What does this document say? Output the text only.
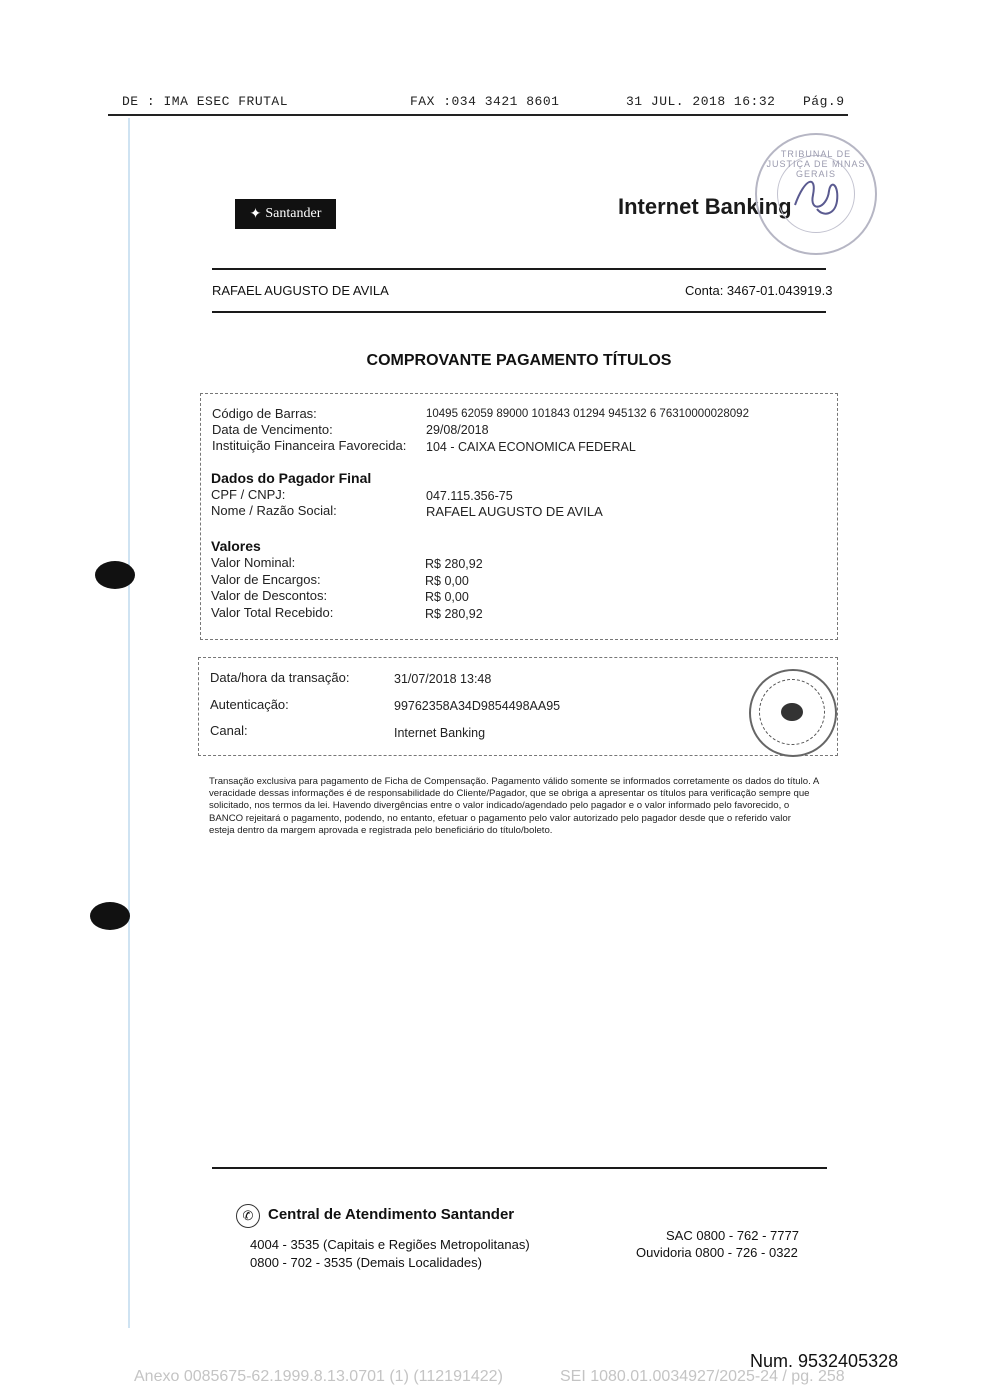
DE : IMA ESEC FRUTAL	FAX :034 3421 8601	31 JUL. 2018 16:32 Pág.9
✦ Santander	Internet Banking
TRIBUNAL DE JUSTIÇA DE MINAS GERAIS
RAFAEL AUGUSTO DE AVILA	Conta: 3467-01.043919.3
COMPROVANTE PAGAMENTO TÍTULOS
Código de Barras:	10495 62059 89000 101843 01294 945132 6 76310000028092
Data de Vencimento:	29/08/2018
Instituição Financeira Favorecida: 104 - CAIXA ECONOMICA FEDERAL
Dados do Pagador Final
CPF / CNPJ:	047.115.356-75
Nome / Razão Social:	RAFAEL AUGUSTO DE AVILA
Valores
Valor Nominal:	R$ 280,92
Valor de Encargos:	R$ 0,00
Valor de Descontos:	R$ 0,00
Valor Total Recebido:	R$ 280,92
Data/hora da transação:	31/07/2018 13:48
Autenticação:	99762358A34D9854498AA95
Canal:	Internet Banking
Transação exclusiva para pagamento de Ficha de Compensação. Pagamento válido somente se informados corretamente os dados do título. A veracidade dessas informações é de responsabilidade do Cliente/Pagador, que se obriga a apresentar os títulos para verificação sempre que solicitado, nos termos da lei. Havendo divergências entre o valor indicado/agendado pelo pagador e o valor informado pelo favorecido, o BANCO rejeitará o pagamento, podendo, no entanto, efetuar o pagamento pelo valor autorizado pelo pagador desde que o referido valor esteja dentro da margem aprovada e registrada pelo beneficiário do título/boleto.
✆ Central de Atendimento Santander
4004 - 3535 (Capitais e Regiões Metropolitanas)
0800 - 702 - 3535 (Demais Localidades)
SAC 0800 - 762 - 7777
Ouvidoria 0800 - 726 - 0322
Num. 9532405328
Anexo 0085675-62.1999.8.13.0701 (1) (112191422)	SEI 1080.01.0034927/2025-24 / pg. 258
